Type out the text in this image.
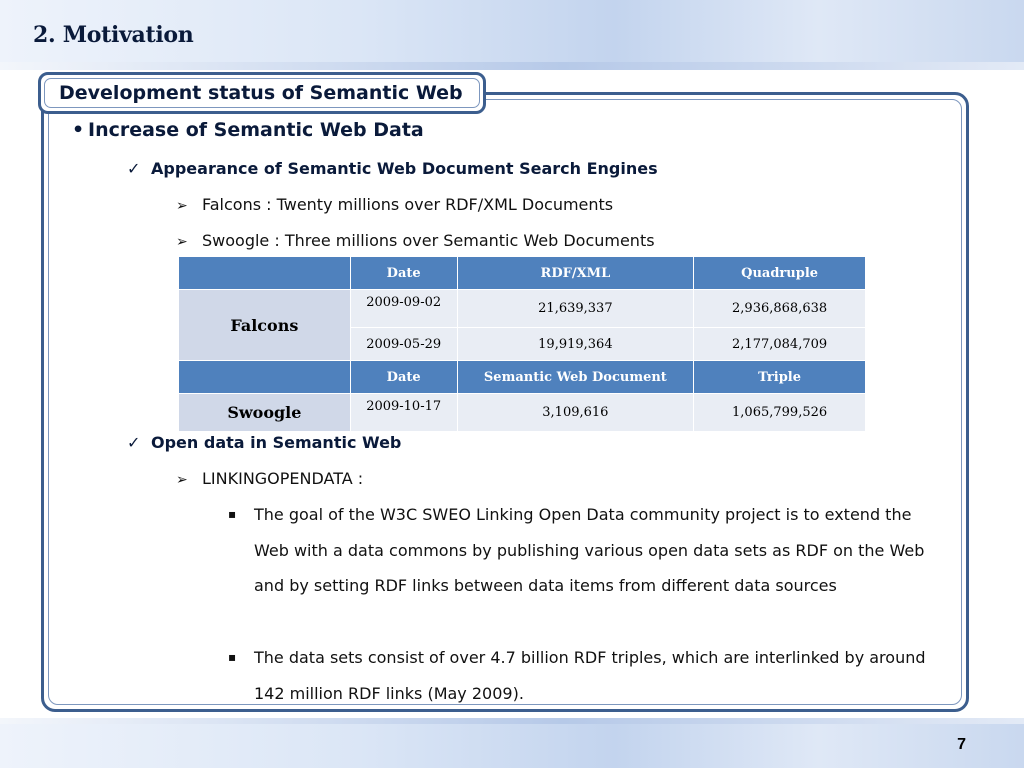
2. Motivation
Development status of Semantic Web
• Increase of Semantic Web Data
✓ Appearance of Semantic Web Document Search Engines
➢ Falcons : Twenty millions over RDF/XML Documents
➢ Swoogle : Three millions over Semantic Web Documents
	Date	RDF/XML	Quadruple
Falcons	2009-09-02	21,639,337	2,936,868,638
	2009-05-29	19,919,364	2,177,084,709
	Date	Semantic Web Document	Triple
Swoogle	2009-10-17	3,109,616	1,065,799,526
✓ Open data in Semantic Web
➢ LINKINGOPENDATA :
▪ The goal of the W3C SWEO Linking Open Data community project is to extend the Web with a data commons by publishing various open data sets as RDF on the Web and by setting RDF links between data items from different data sources
▪ The data sets consist of over 4.7 billion RDF triples, which are interlinked by around 142 million RDF links (May 2009).
7
